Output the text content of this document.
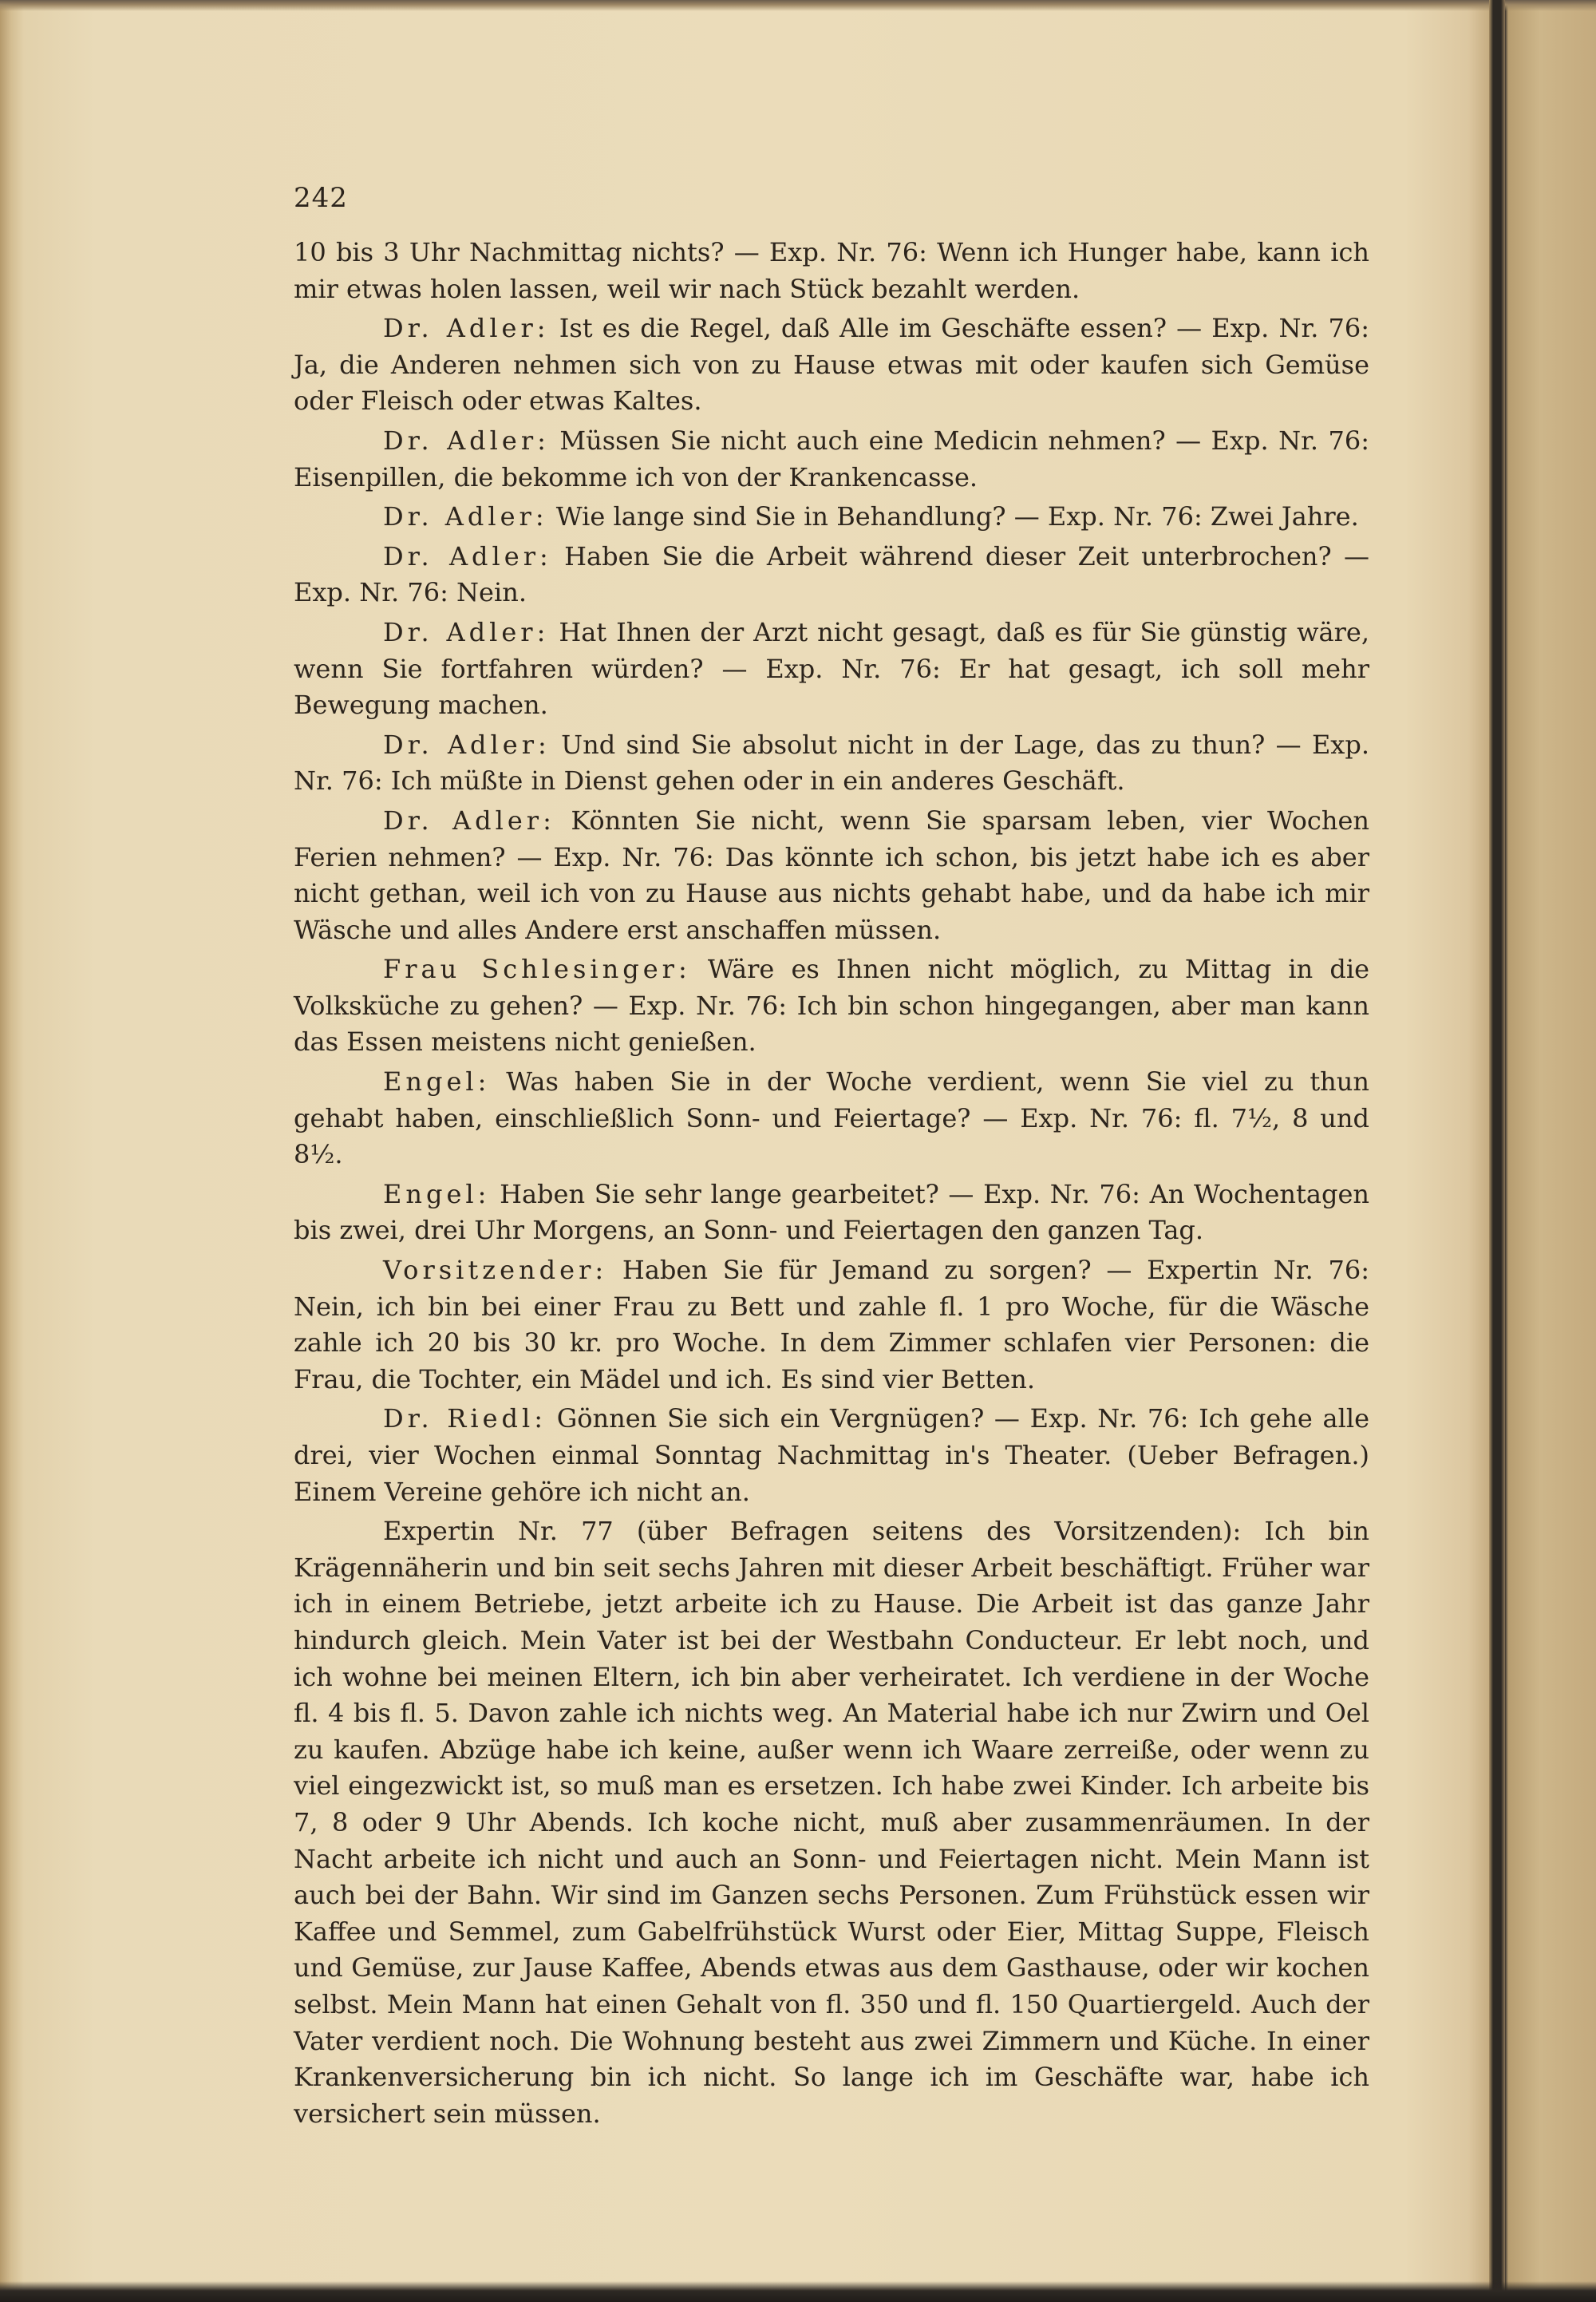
242

10 bis 3 Uhr Nachmittag nichts? — Exp. Nr. 76: Wenn ich Hunger habe, kann ich mir etwas holen lassen, weil wir nach Stück bezahlt werden.

Dr. Adler: Ist es die Regel, daß Alle im Geschäfte essen? — Exp. Nr. 76: Ja, die Anderen nehmen sich von zu Hause etwas mit oder kaufen sich Gemüse oder Fleisch oder etwas Kaltes.

Dr. Adler: Müssen Sie nicht auch eine Medicin nehmen? — Exp. Nr. 76: Eisenpillen, die bekomme ich von der Krankencasse.

Dr. Adler: Wie lange sind Sie in Behandlung? — Exp. Nr. 76: Zwei Jahre.

Dr. Adler: Haben Sie die Arbeit während dieser Zeit unterbrochen? — Exp. Nr. 76: Nein.

Dr. Adler: Hat Ihnen der Arzt nicht gesagt, daß es für Sie günstig wäre, wenn Sie fortfahren würden? — Exp. Nr. 76: Er hat gesagt, ich soll mehr Bewegung machen.

Dr. Adler: Und sind Sie absolut nicht in der Lage, das zu thun? — Exp. Nr. 76: Ich müßte in Dienst gehen oder in ein anderes Geschäft.

Dr. Adler: Könnten Sie nicht, wenn Sie sparsam leben, vier Wochen Ferien nehmen? — Exp. Nr. 76: Das könnte ich schon, bis jetzt habe ich es aber nicht gethan, weil ich von zu Hause aus nichts gehabt habe, und da habe ich mir Wäsche und alles Andere erst anschaffen müssen.

Frau Schlesinger: Wäre es Ihnen nicht möglich, zu Mittag in die Volksküche zu gehen? — Exp. Nr. 76: Ich bin schon hingegangen, aber man kann das Essen meistens nicht genießen.

Engel: Was haben Sie in der Woche verdient, wenn Sie viel zu thun gehabt haben, einschließlich Sonn- und Feiertage? — Exp. Nr. 76: fl. 7½, 8 und 8½.

Engel: Haben Sie sehr lange gearbeitet? — Exp. Nr. 76: An Wochentagen bis zwei, drei Uhr Morgens, an Sonn- und Feiertagen den ganzen Tag.

Vorsitzender: Haben Sie für Jemand zu sorgen? — Expertin Nr. 76: Nein, ich bin bei einer Frau zu Bett und zahle fl. 1 pro Woche, für die Wäsche zahle ich 20 bis 30 kr. pro Woche. In dem Zimmer schlafen vier Personen: die Frau, die Tochter, ein Mädel und ich. Es sind vier Betten.

Dr. Riedl: Gönnen Sie sich ein Vergnügen? — Exp. Nr. 76: Ich gehe alle drei, vier Wochen einmal Sonntag Nachmittag in's Theater. (Ueber Befragen.) Einem Vereine gehöre ich nicht an.

Expertin Nr. 77 (über Befragen seitens des Vorsitzenden): Ich bin Krägennäherin und bin seit sechs Jahren mit dieser Arbeit beschäftigt. Früher war ich in einem Betriebe, jetzt arbeite ich zu Hause. Die Arbeit ist das ganze Jahr hindurch gleich. Mein Vater ist bei der Westbahn Conducteur. Er lebt noch, und ich wohne bei meinen Eltern, ich bin aber verheiratet. Ich verdiene in der Woche fl. 4 bis fl. 5. Davon zahle ich nichts weg. An Material habe ich nur Zwirn und Oel zu kaufen. Abzüge habe ich keine, außer wenn ich Waare zerreiße, oder wenn zu viel eingezwickt ist, so muß man es ersetzen. Ich habe zwei Kinder. Ich arbeite bis 7, 8 oder 9 Uhr Abends. Ich koche nicht, muß aber zusammenräumen. In der Nacht arbeite ich nicht und auch an Sonn- und Feiertagen nicht. Mein Mann ist auch bei der Bahn. Wir sind im Ganzen sechs Personen. Zum Frühstück essen wir Kaffee und Semmel, zum Gabelfrühstück Wurst oder Eier, Mittag Suppe, Fleisch und Gemüse, zur Jause Kaffee, Abends etwas aus dem Gasthause, oder wir kochen selbst. Mein Mann hat einen Gehalt von fl. 350 und fl. 150 Quartiergeld. Auch der Vater verdient noch. Die Wohnung besteht aus zwei Zimmern und Küche. In einer Krankenversicherung bin ich nicht. So lange ich im Geschäfte war, habe ich versichert sein müssen.
